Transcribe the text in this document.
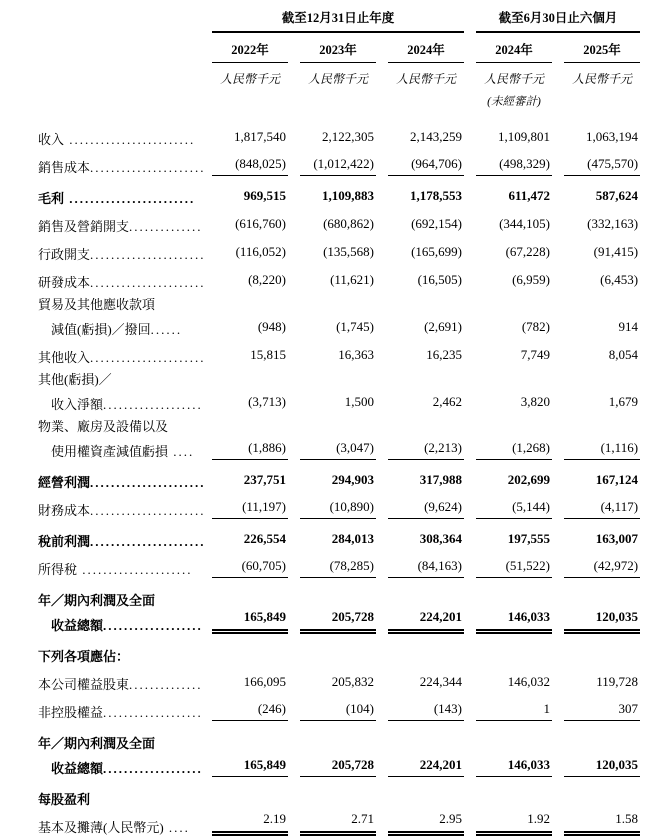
	截至12月31日止年度			截至6月30日止六個月	

	2022年	2023年	2024年	2024年	2025年

	人民幣千元	人民幣千元	人民幣千元	人民幣千元	人民幣千元

				(未經審計)	

收入 ........................	1,817,540	2,122,305	2,143,259	1,109,801	1,063,194

銷售成本......................	(848,025)	(1,012,422)	(964,706)	(498,329)	(475,570)

毛利 ........................	969,515	1,109,883	1,178,553	611,472	587,624

銷售及營銷開支..............	(616,760)	(680,862)	(692,154)	(344,105)	(332,163)

行政開支......................	(116,052)	(135,568)	(165,699)	(67,228)	(91,415)

研發成本......................	(8,220)	(11,621)	(16,505)	(6,959)	(6,453)

貿易及其他應收款項					
減值(虧損)／撥回......	(948)	(1,745)	(2,691)	(782)	914

其他收入......................	15,815	16,363	16,235	7,749	8,054

其他(虧損)／					
收入淨額...................	(3,713)	1,500	2,462	3,820	1,679

物業、廠房及設備以及					
使用權資產減值虧損 ....	(1,886)	(3,047)	(2,213)	(1,268)	(1,116)

經營利潤......................	237,751	294,903	317,988	202,699	167,124

財務成本......................	(11,197)	(10,890)	(9,624)	(5,144)	(4,117)

稅前利潤......................	226,554	284,013	308,364	197,555	163,007

所得稅 .....................	(60,705)	(78,285)	(84,163)	(51,522)	(42,972)

年／期內利潤及全面					
收益總額...................	165,849	205,728	224,201	146,033	120,035

下列各項應佔：					
本公司權益股東..............	166,095	205,832	224,344	146,032	119,728

非控股權益...................	(246)	(104)	(143)	1	307

年／期內利潤及全面					
收益總額...................	165,849	205,728	224,201	146,033	120,035

每股盈利					
基本及攤薄(人民幣元) ....	2.19	2.71	2.95	1.92	1.58
